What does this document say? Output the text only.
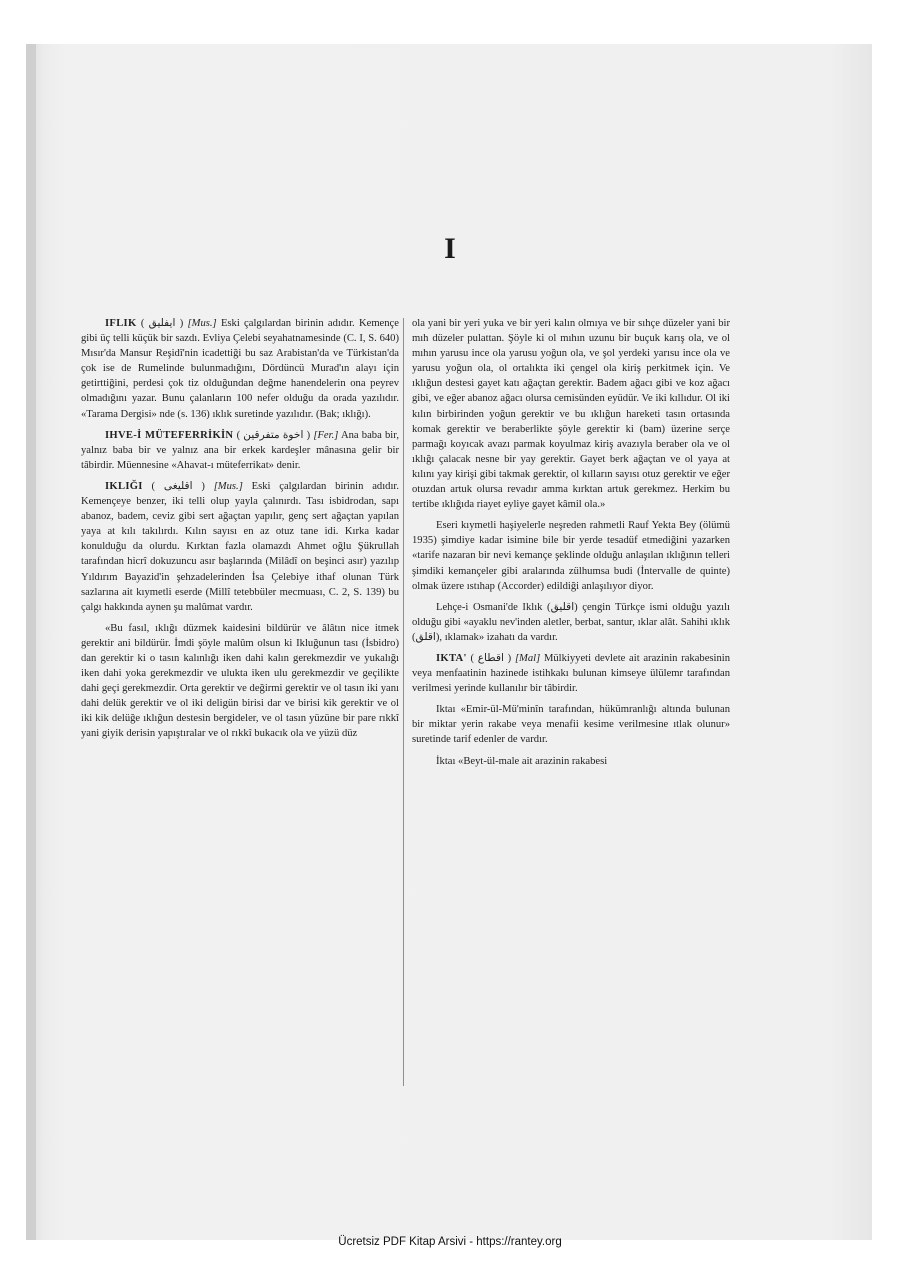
I

IFLIK ( ايفليق ) [Mus.] Eski çalgılardan birinin adıdır. Kemençe gibi üç telli küçük bir sazdı. Evliya Çelebi seyahatnamesinde (C. I, S. 640) Mısır'da Mansur Reşidî'nin icadettiği bu saz Arabistan'da ve Türkistan'da çok ise de Rumelinde bulunmadığını, Dördüncü Murad'ın alayı için getirttiğini, perdesi çok tiz olduğundan değme hanendelerin ona peyrev olmadığını yazar. Bunu çalanların 100 nefer olduğu da orada yazılıdır. «Tarama Dergisi» nde (s. 136) ıklık suretinde yazılıdır. (Bak; ıklığı).

IHVE-İ MÜTEFERRİKİN ( اخوة متفرقين ) [Fer.] Ana baba bir, yalnız baba bir ve yalnız ana bir erkek kardeşler mânasına gelir bir tâbirdir. Müennesine «Ahavat-ı müteferrikat» denir.

IKLIĞI ( اقليغى ) [Mus.] Eski çalgılardan birinin adıdır. Kemençeye benzer, iki telli olup yayla çalınırdı. Tası isbidrodan, sapı abanoz, badem, ceviz gibi sert ağaçtan yapılır, genç sert ağaçtan yapılan yaya at kılı takılırdı. Kılın sayısı en az otuz tane idi. Kırka kadar konulduğu da olurdu. Kırktan fazla olamazdı Ahmet oğlu Şükrullah tarafından hicrî dokuzuncu asır başlarında (Milâdî on beşinci asır) yazılıp Yıldırım Bayazid'in şehzadelerinden İsa Çelebiye ithaf olunan Türk sazlarına ait kıymetli eserde (Millî tetebbüler mecmuası, C. 2, S. 139) bu çalgı hakkında aynen şu malûmat vardır.

«Bu fasıl, ıklığı düzmek kaidesini bildürür ve âlâtın nice itmek gerektir ani bildürür. İmdi şöyle malûm olsun ki Ikluğunun tası (İsbidro) dan gerektir ki o tasın kalınlığı iken dahi kalın gerekmezdir ve yukalığı iken dahi yoka gerekmezdir ve ulukta iken ulu gerekmezdir ve geçilikte dahi geçi gerekmezdir. Orta gerektir ve değirmi gerektir ve ol tasın iki yanı dahi delük gerektir ve ol iki deligün birisi dar ve birisi kik gerektir ve ol iki kik delüğe ıklığun destesin bergideler, ve ol tasın yüzüne bir pare rıkkî yani giyik derisin yapıştıralar ve ol rıkkî bukacık ola ve yüzü düz

ola yani bir yeri yuka ve bir yeri kalın olmıya ve bir sıhçe düzeler yani bir mıh düzeler pulattan. Şöyle ki ol mıhın uzunu bir buçuk karış ola, ve ol mıhın yarusu ince ola yarusu yoğun ola, ve şol yerdeki yarısu ince ola ve yarusu yoğun ola, ol ortalıkta iki çengel ola kiriş perkitmek için. Ve ıklığun destesi gayet katı ağaçtan gerektir. Badem ağacı gibi ve koz ağacı gibi, ve eğer abanoz ağacı olursa cemisünden eyüdür. Ve iki kıllıdur. Ol iki kılın birbirinden yoğun gerektir ve bu ıklığun hareketi tasın ortasında komak gerektir ve beraberlikte şöyle gerektir ki (bam) üzerine serçe parmağı koyıcak avazı parmak koyulmaz kiriş avazıyla beraber ola ve ol ıklığı çalacak nesne bir yay gerektir. Gayet berk ağaçtan ve ol yaya at kılını yay kirişi gibi takmak gerektir, ol kılların sayısı otuz gerektir ve eğer otuzdan artuk olursa revadır amma kırktan artuk gerekmez. Herkim bu tertibe ıklığıda riayet eyliye gayet kâmil ola.»

Eseri kıymetli haşiyelerle neşreden rahmetli Rauf Yekta Bey (ölümü 1935) şimdiye kadar isimine bile bir yerde tesadüf etmediğini yazarken «tarife nazaran bir nevi kemançe şeklinde olduğu anlaşılan ıklığının telleri şimdiki kemançeler gibi aralarında zülhumsa budi (İntervalle de quinte) olmak üzere ıstıhap (Accorder) edildiği anlaşılıyor diyor.

Lehçe-i Osmani'de Iklık (اقليق) çengin Türkçe ismi olduğu yazılı olduğu gibi «ayaklu nev'inden aletler, berbat, santur, ıklar alât. Sahihi ıklık (اقلق), ıklamak» izahatı da vardır.

IKTA' ( اقطاع ) [Mal] Mülkiyyeti devlete ait arazinin rakabesinin veya menfaatinin hazinede istihkakı bulunan kimseye ülülemr tarafından verilmesi yerinde kullanılır bir tâbirdir.

Iktaı «Emir-ül-Mü'minîn tarafından, hükümranlığı altında bulunan bir miktar yerin rakabe veya menafii kesime verilmesine ıtlak olunur» suretinde tarif edenler de vardır.

İktaı «Beyt-ül-male ait arazinin rakabesi

Ücretsiz PDF Kitap Arsivi - https://rantey.org
